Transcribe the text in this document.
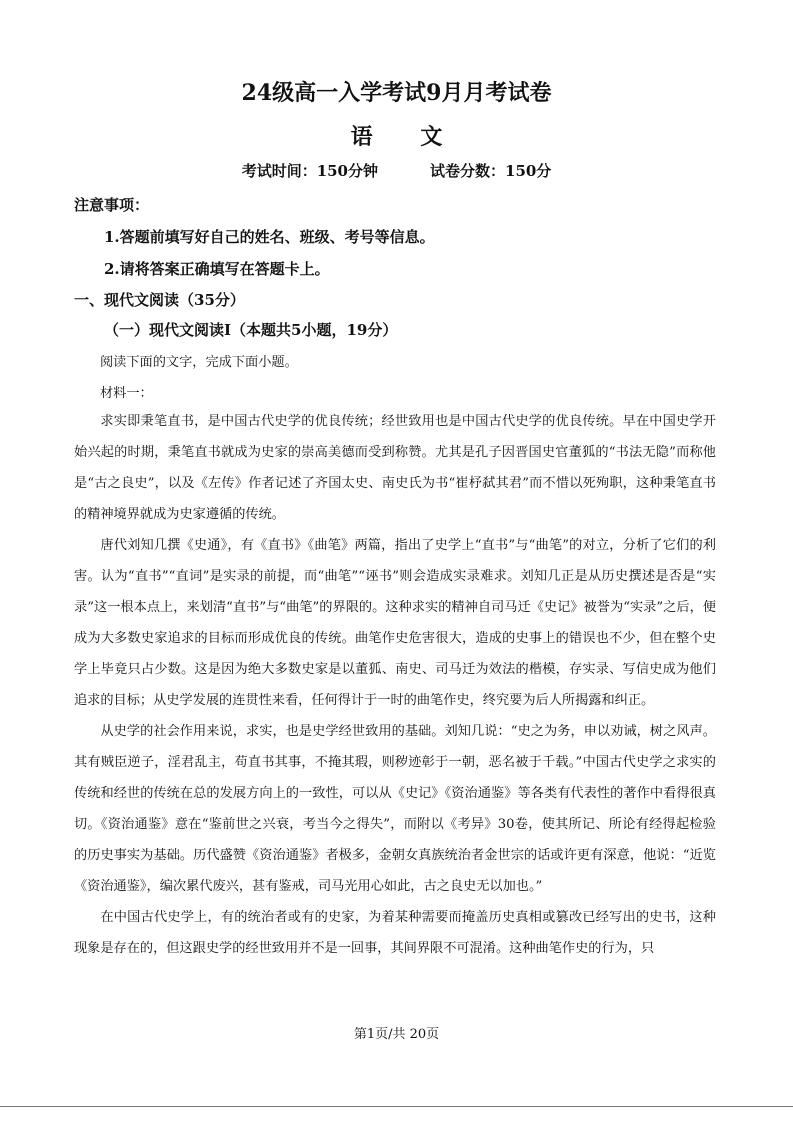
24级高一入学考试9月月考试卷
语 文
考试时间：150分钟	试卷分数：150分
注意事项：
1.答题前填写好自己的姓名、班级、考号等信息。
2.请将答案正确填写在答题卡上。
一、现代文阅读（35分）
（一）现代文阅读Ⅰ（本题共5小题，19分）
阅读下面的文字，完成下面小题。
材料一：

求实即秉笔直书，是中国古代史学的优良传统；经世致用也是中国古代史学的优良传统。早在中国史学开始兴起的时期，秉笔直书就成为史家的崇高美德而受到称赞。尤其是孔子因晋国史官董狐的“书法无隐”而称他是“古之良史”，以及《左传》作者记述了齐国太史、南史氏为书“崔杼弑其君”而不惜以死殉职，这种秉笔直书的精神境界就成为史家遵循的传统。

唐代刘知几撰《史通》，有《直书》《曲笔》两篇，指出了史学上“直书”与“曲笔”的对立，分析了它们的利害。认为“直书”“直词”是实录的前提，而“曲笔”“诬书”则会造成实录难求。刘知几正是从历史撰述是否是“实录”这一根本点上，来划清“直书”与“曲笔”的界限的。这种求实的精神自司马迁《史记》被誉为“实录”之后，便成为大多数史家追求的目标而形成优良的传统。曲笔作史危害很大，造成的史事上的错误也不少，但在整个史学上毕竟只占少数。这是因为绝大多数史家是以董狐、南史、司马迁为效法的楷模，存实录、写信史成为他们追求的目标；从史学发展的连贯性来看，任何得计于一时的曲笔作史，终究要为后人所揭露和纠正。

从史学的社会作用来说，求实，也是史学经世致用的基础。刘知几说：“史之为务，申以劝诫，树之风声。其有贼臣逆子，淫君乱主，苟直书其事，不掩其瑕，则秽迹彰于一朝，恶名被于千载。”中国古代史学之求实的传统和经世的传统在总的发展方向上的一致性，可以从《史记》《资治通鉴》等各类有代表性的著作中看得很真切。《资治通鉴》意在“鉴前世之兴衰，考当今之得失”，而附以《考异》30卷，使其所记、所论有经得起检验的历史事实为基础。历代盛赞《资治通鉴》者极多，金朝女真族统治者金世宗的话或许更有深意，他说：“近览《资治通鉴》，编次累代废兴，甚有鉴戒，司马光用心如此，古之良史无以加也。”

在中国古代史学上，有的统治者或有的史家，为着某种需要而掩盖历史真相或篡改已经写出的史书，这种现象是存在的，但这跟史学的经世致用并不是一回事，其间界限不可混淆。这种曲笔作史的行为，只

第1页/共 20页
